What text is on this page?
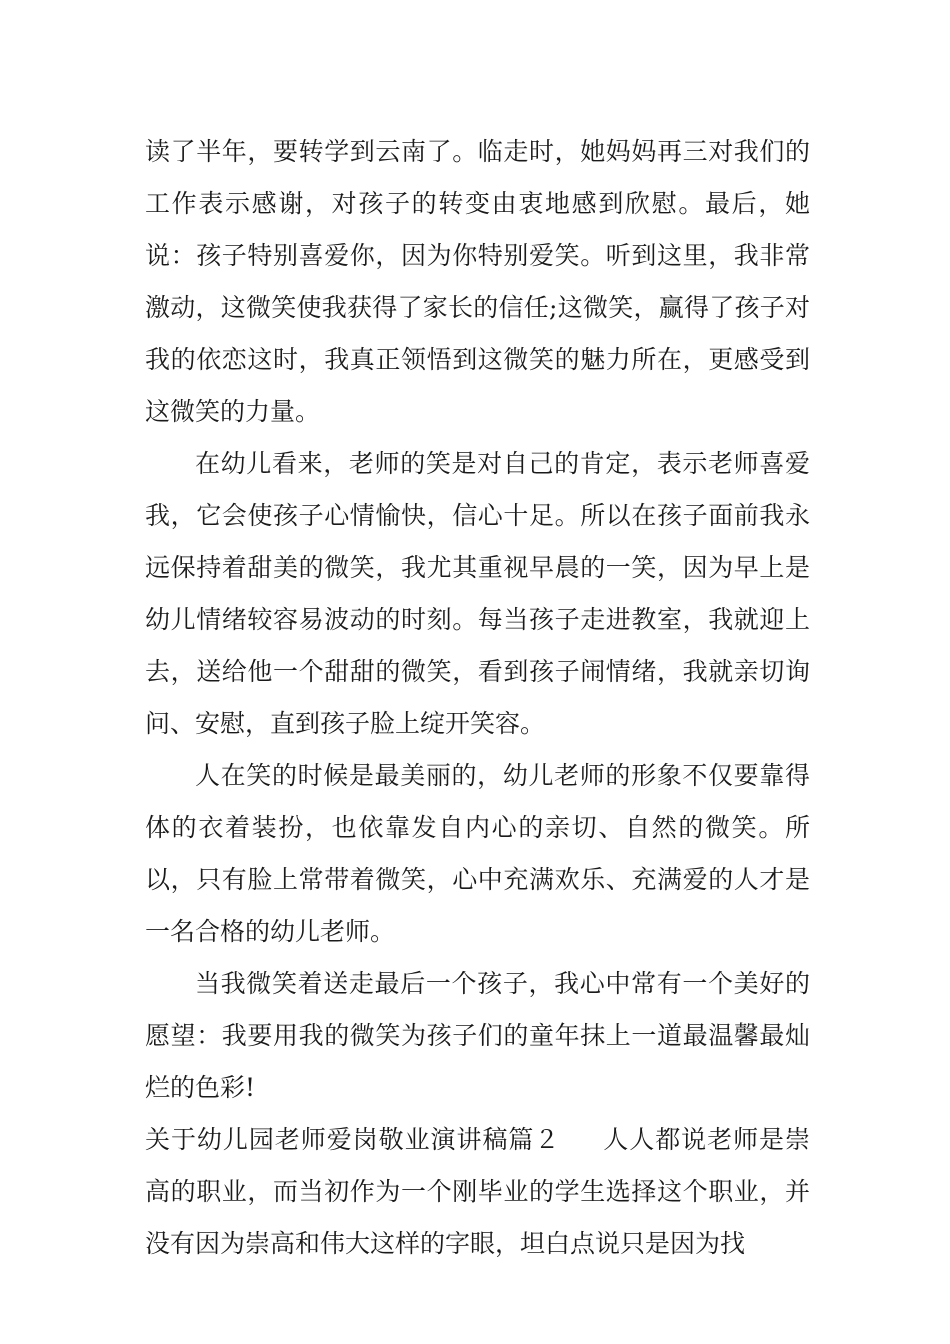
读了半年，要转学到云南了。临走时，她妈妈再三对我们的工作表示感谢，对孩子的转变由衷地感到欣慰。最后，她说：孩子特别喜爱你，因为你特别爱笑。听到这里，我非常激动，这微笑使我获得了家长的信任;这微笑，赢得了孩子对我的依恋这时，我真正领悟到这微笑的魅力所在，更感受到这微笑的力量。

在幼儿看来，老师的笑是对自己的肯定，表示老师喜爱我，它会使孩子心情愉快，信心十足。所以在孩子面前我永远保持着甜美的微笑，我尤其重视早晨的一笑，因为早上是幼儿情绪较容易波动的时刻。每当孩子走进教室，我就迎上去，送给他一个甜甜的微笑，看到孩子闹情绪，我就亲切询问、安慰，直到孩子脸上绽开笑容。

人在笑的时候是最美丽的，幼儿老师的形象不仅要靠得体的衣着装扮，也依靠发自内心的亲切、自然的微笑。所以，只有脸上常带着微笑，心中充满欢乐、充满爱的人才是一名合格的幼儿老师。

当我微笑着送走最后一个孩子，我心中常有一个美好的愿望：我要用我的微笑为孩子们的童年抹上一道最温馨最灿烂的色彩!

关于幼儿园老师爱岗敬业演讲稿篇２ 人人都说老师是崇高的职业，而当初作为一个刚毕业的学生选择这个职业，并没有因为崇高和伟大这样的字眼，坦白点说只是因为找
